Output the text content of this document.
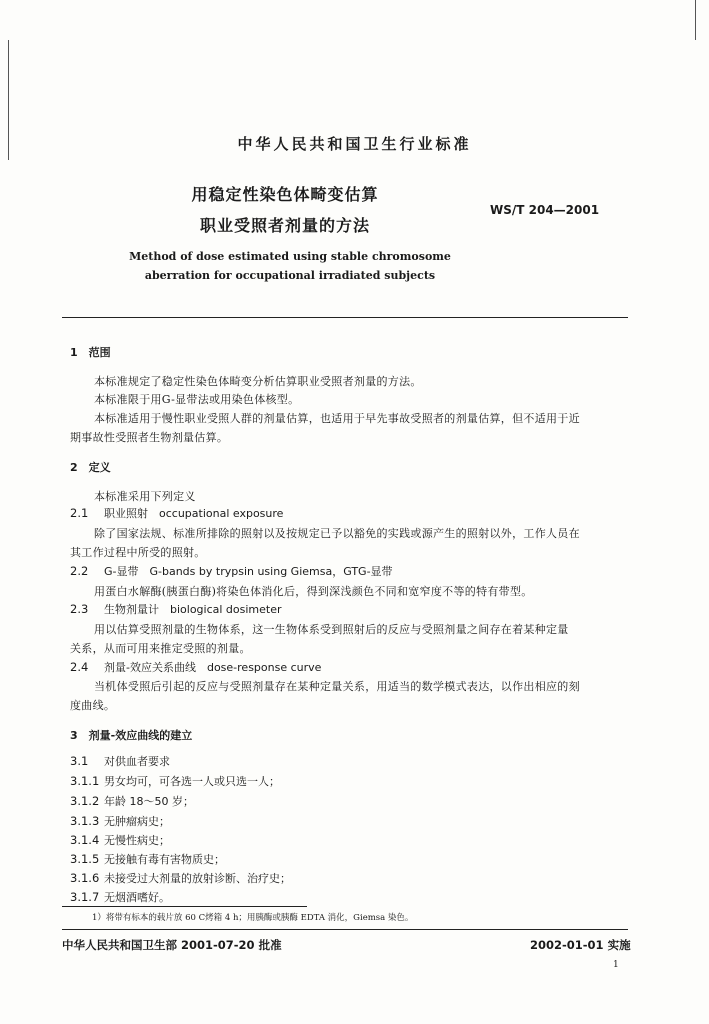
中华人民共和国卫生行业标准
用稳定性染色体畸变估算
职业受照者剂量的方法
WS/T 204—2001
Method of dose estimated using stable chromosome
aberration for occupational irradiated subjects
1　范围
本标准规定了稳定性染色体畸变分析估算职业受照者剂量的方法。
本标准限于用G-显带法或用染色体核型。
本标准适用于慢性职业受照人群的剂量估算，也适用于早先事故受照者的剂量估算，但不适用于近
期事故性受照者生物剂量估算。
2　定义
本标准采用下列定义
2.1 职业照射　occupational exposure
除了国家法规、标准所排除的照射以及按规定已予以豁免的实践或源产生的照射以外，工作人员在
其工作过程中所受的照射。
2.2 G-显带　G-bands by trypsin using Giemsa，GTG-显带
用蛋白水解酶(胰蛋白酶)将染色体消化后，得到深浅颜色不同和宽窄度不等的特有带型。
2.3 生物剂量计　biological dosimeter
用以估算受照剂量的生物体系，这一生物体系受到照射后的反应与受照剂量之间存在着某种定量
关系，从而可用来推定受照的剂量。
2.4 剂量-效应关系曲线　dose-response curve
当机体受照后引起的反应与受照剂量存在某种定量关系，用适当的数学模式表达，以作出相应的刻
度曲线。
3　剂量-效应曲线的建立
3.1 对供血者要求
3.1.1 男女均可，可各选一人或只选一人；
3.1.2 年龄 18～50 岁；
3.1.3 无肿瘤病史；
3.1.4 无慢性病史；
3.1.5 无接触有毒有害物质史；
3.1.6 未接受过大剂量的放射诊断、治疗史；
3.1.7 无烟酒嗜好。
1）将带有标本的载片放 60 C烤箱 4 h；用胰酶或胰酶 EDTA 消化，Giemsa 染色。
中华人民共和国卫生部 2001-07-20 批准	2002-01-01 实施
1
